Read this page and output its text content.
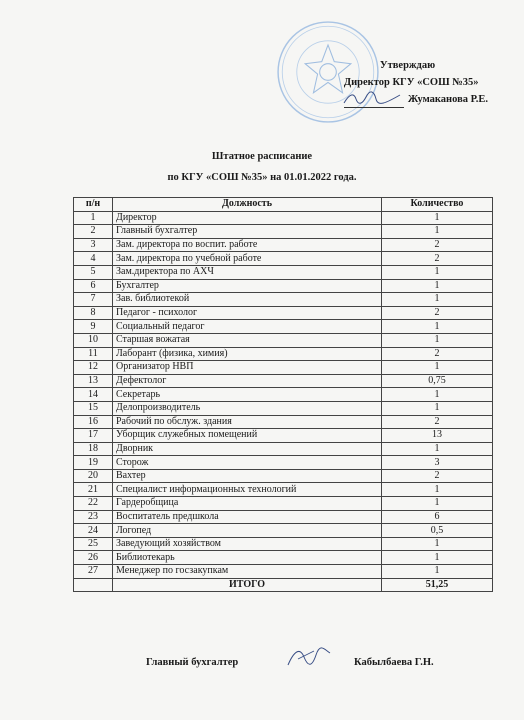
Утверждаю
Директор КГУ «СОШ №35»
Жумаканова Р.Е.
Штатное расписание
по КГУ «СОШ №35» на 01.01.2022 года.
п/н	Должность	Количество
1	Директор	1
2	Главный бухгалтер	1
3	Зам. директора по воспит. работе	2
4	Зам. директора по учебной работе	2
5	Зам.директора по АХЧ	1
6	Бухгалтер	1
7	Зав. библиотекой	1
8	Педагог - психолог	2
9	Социальный педагог	1
10	Старшая вожатая	1
11	Лаборант (физика, химия)	2
12	Организатор НВП	1
13	Дефектолог	0,75
14	Секретарь	1
15	Делопроизводитель	1
16	Рабочий по обслуж. здания	2
17	Уборщик служебных помещений	13
18	Дворник	1
19	Сторож	3
20	Вахтер	2
21	Специалист информационных технологий	1
22	Гардеробщица	1
23	Воспитатель предшкола	6
24	Логопед	0,5
25	Заведующий хозяйством	1
26	Библиотекарь	1
27	Менеджер по госзакупкам	1
	ИТОГО	51,25
Главный бухгалтер	Кабылбаева Г.Н.
